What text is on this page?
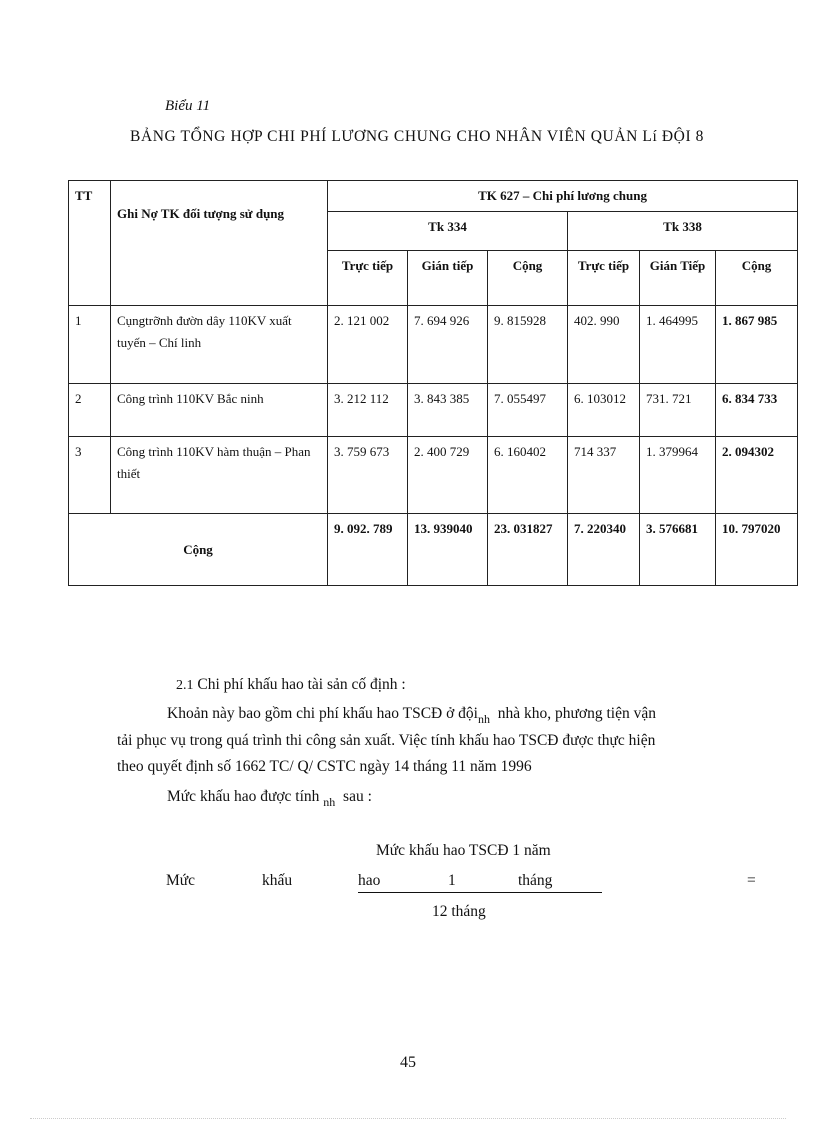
Biểu 11
BẢNG TỔNG HỢP CHI PHÍ LƯƠNG CHUNG CHO NHÂN VIÊN QUẢN Lí ĐỘI 8
TT	Ghi Nợ TK đối tượng sử dụng	TK 627 – Chi phí lương chung					
		Tk 334			Tk 338		
		Trực tiếp	Gián tiếp	Cộng	Trực tiếp	Gián Tiếp	Cộng
1	Cụngtrỡnh đườn dây 110KV xuất tuyến – Chí linh	2. 121 002	7. 694 926	9. 815928	402. 990	1. 464995	1. 867 985
2	Công trình 110KV Bắc ninh	3. 212 112	3. 843 385	7. 055497	6. 103012	731. 721	6. 834 733
3	Công trình 110KV hàm thuận – Phan thiết	3. 759 673	2. 400 729	6. 160402	714 337	1. 379964	2. 094302
Cộng		9. 092. 789	13. 939040	23. 031827	7. 220340	3. 576681	10. 797020
2.1 Chi phí khấu hao tài sản cố định :
Khoản này bao gồm chi phí khấu hao TSCĐ ở đội$_{nh}$ nhà kho, phương tiện vận
tải phục vụ trong quá trình thi công sản xuất. Việc tính khấu hao TSCĐ được thực hiện
theo quyết định số 1662 TC/ Q/ CSTC ngày 14 tháng 11 năm 1996
Mức khấu hao được tính $_{nh}$ sau :
Mức khấu hao TSCĐ 1 năm
Mức	khấu	hao	1	tháng	=
12 tháng
45
